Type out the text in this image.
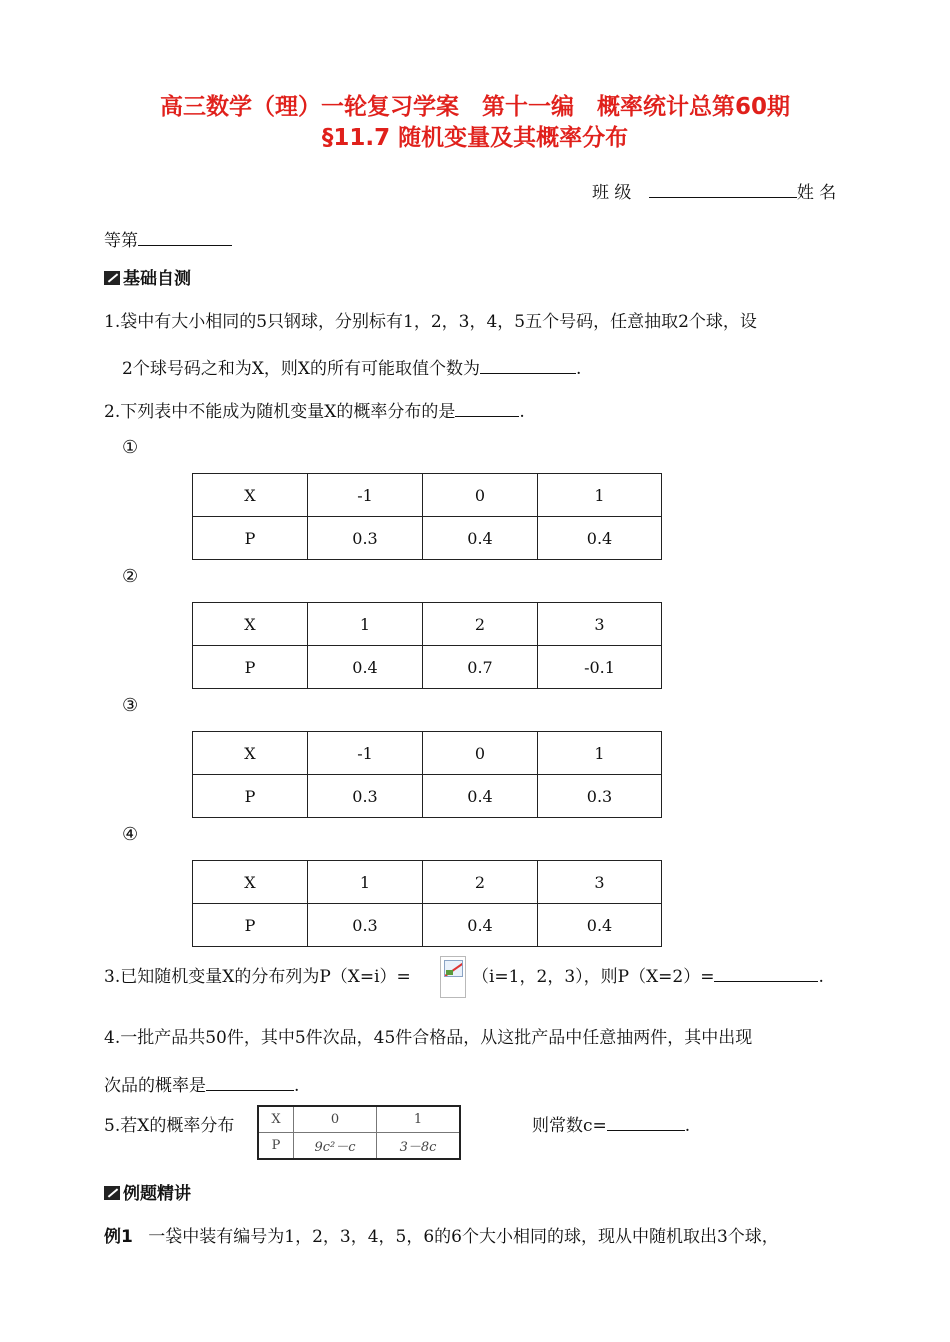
高三数学（理）一轮复习学案　第十一编　概率统计总第60期
§11.7 随机变量及其概率分布
班 级	姓 名
等第
基础自测
1.袋中有大小相同的5只钢球，分别标有1，2，3，4，5五个号码，任意抽取2个球，设
2个球号码之和为X，则X的所有可能取值个数为	.
2.下列表中不能成为随机变量X的概率分布的是	.
①
X	-1	0	1
P	0.3	0.4	0.4
②
X	1	2	3
P	0.4	0.7	-0.1
③
X	-1	0	1
P	0.3	0.4	0.3
④
X	1	2	3
P	0.3	0.4	0.4
3.已知随机变量X的分布列为P（X=i）=	（i=1，2，3），则P（X=2）=	.
4.一批产品共50件，其中5件次品，45件合格品，从这批产品中任意抽两件，其中出现
次品的概率是	.
5.若X的概率分布	X	0	1
P	9c²－c	3－8c
则常数c=	.
例题精讲
例1 一袋中装有编号为1，2，3，4，5，6的6个大小相同的球，现从中随机取出3个球，
